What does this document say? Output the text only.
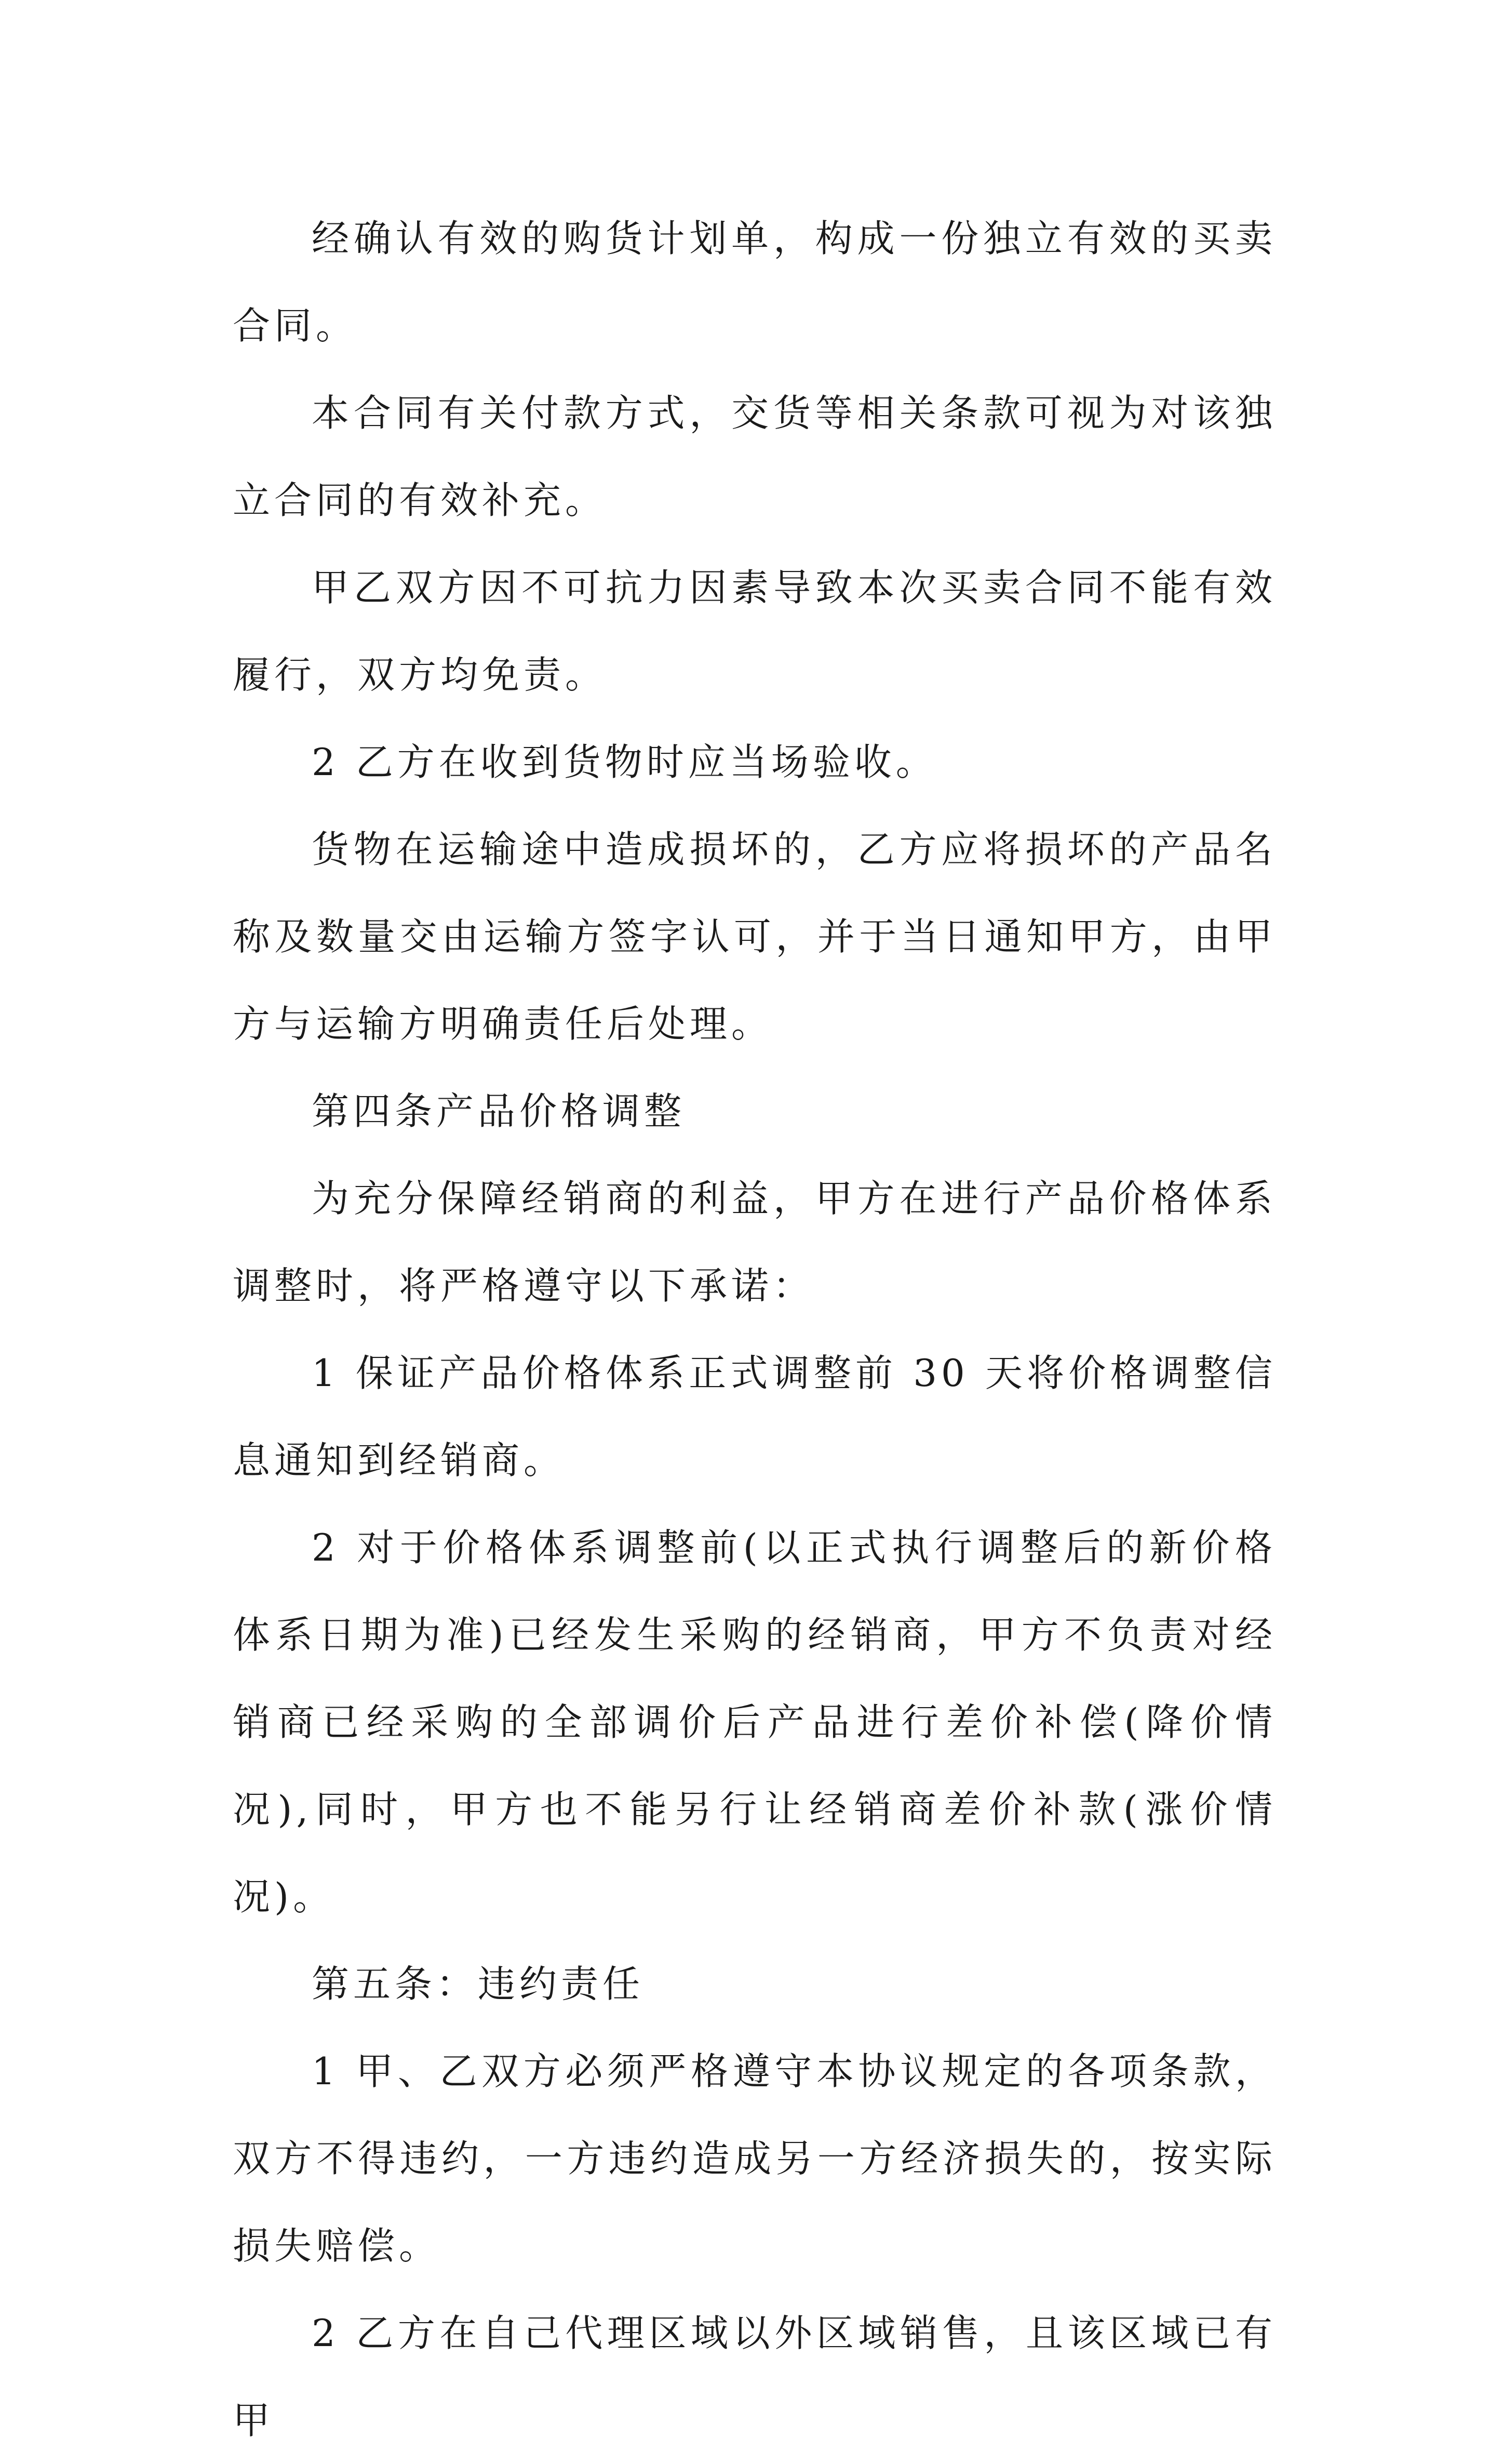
经确认有效的购货计划单，构成一份独立有效的买卖合同。

本合同有关付款方式，交货等相关条款可视为对该独立合同的有效补充。

甲乙双方因不可抗力因素导致本次买卖合同不能有效履行，双方均免责。

2 乙方在收到货物时应当场验收。

货物在运输途中造成损坏的，乙方应将损坏的产品名称及数量交由运输方签字认可，并于当日通知甲方，由甲方与运输方明确责任后处理。

第四条产品价格调整

为充分保障经销商的利益，甲方在进行产品价格体系调整时，将严格遵守以下承诺：

1 保证产品价格体系正式调整前 30 天将价格调整信息通知到经销商。

2 对于价格体系调整前(以正式执行调整后的新价格体系日期为准)已经发生采购的经销商，甲方不负责对经销商已经采购的全部调价后产品进行差价补偿(降价情况),同时，甲方也不能另行让经销商差价补款(涨价情况)。

第五条：违约责任

1 甲、乙双方必须严格遵守本协议规定的各项条款，双方不得违约，一方违约造成另一方经济损失的，按实际损失赔偿。

2 乙方在自己代理区域以外区域销售，且该区域已有甲
